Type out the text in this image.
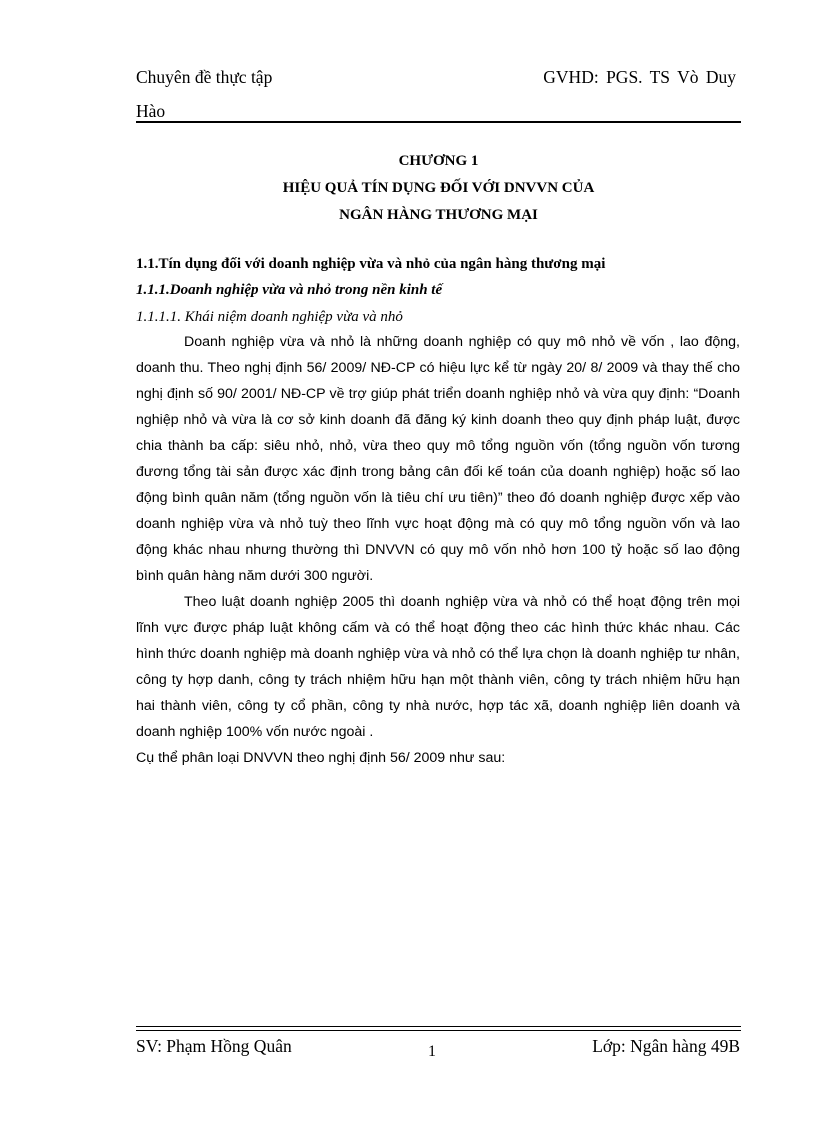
Chuyên đề thực tập
Hào
GVHD: PGS. TS Vò Duy
CHƯƠNG 1
HIỆU QUẢ TÍN DỤNG ĐỐI VỚI DNVVN CỦA
NGÂN HÀNG THƯƠNG MẠI
1.1.Tín dụng đối với doanh nghiệp vừa và nhỏ của ngân hàng thương mại
1.1.1.Doanh nghiệp vừa và nhỏ trong nền kinh tế
1.1.1.1. Khái niệm doanh nghiệp vừa và nhỏ

Doanh nghiệp vừa và nhỏ là những doanh nghiệp có quy mô nhỏ về vốn , lao động, doanh thu. Theo nghị định 56/ 2009/ NĐ-CP có hiệu lực kể từ ngày 20/ 8/ 2009 và thay thế cho nghị định số 90/ 2001/ NĐ-CP về trợ giúp phát triển doanh nghiệp nhỏ và vừa quy định: “Doanh nghiệp nhỏ và vừa là cơ sở kinh doanh đã đăng ký kinh doanh theo quy định pháp luật, được chia thành ba cấp: siêu nhỏ, nhỏ, vừa theo quy mô tổng nguồn vốn (tổng nguồn vốn tương đương tổng tài sản được xác định trong bảng cân đối kế toán của doanh nghiệp) hoặc số lao động bình quân năm (tổng nguồn vốn là tiêu chí ưu tiên)” theo đó doanh nghiệp được xếp vào doanh nghiệp vừa và nhỏ tuỳ theo lĩnh vực hoạt động mà có quy mô tổng nguồn vốn và lao động khác nhau nhưng thường thì DNVVN có quy mô vốn nhỏ hơn 100 tỷ hoặc số lao động bình quân hàng năm dưới 300 người.

Theo luật doanh nghiệp 2005 thì doanh nghiệp vừa và nhỏ có thể hoạt động trên mọi lĩnh vực được pháp luật không cấm và có thể hoạt động theo các hình thức khác nhau. Các hình thức doanh nghiệp mà doanh nghiệp vừa và nhỏ có thể lựa chọn là doanh nghiệp tư nhân, công ty hợp danh, công ty trách nhiệm hữu hạn một thành viên, công ty trách nhiệm hữu hạn hai thành viên, công ty cổ phần, công ty nhà nước, hợp tác xã, doanh nghiệp liên doanh và doanh nghiệp 100% vốn nước ngoài .

Cụ thể phân loại DNVVN theo nghị định 56/ 2009 như sau:

SV: Phạm Hồng Quân	1	Lớp: Ngân hàng 49B
